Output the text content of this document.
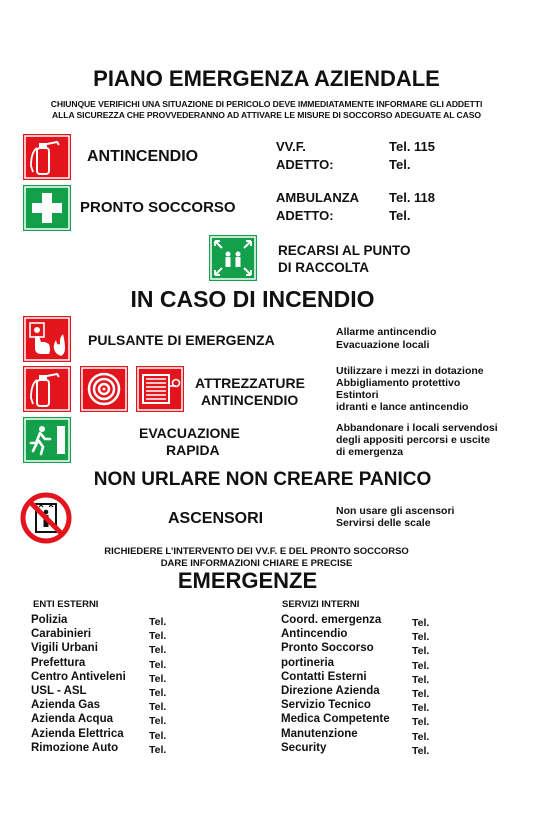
PIANO EMERGENZA AZIENDALE
CHIUNQUE VERIFICHI UNA SITUAZIONE DI PERICOLO DEVE IMMEDIATAMENTE INFORMARE GLI ADDETTI
ALLA SICUREZZA CHE PROVVEDERANNO AD ATTIVARE LE MISURE DI SOCCORSO ADEGUATE AL CASO
ANTINCENDIO
VV.F.	Tel. 115
ADETTO:	Tel.
PRONTO SOCCORSO
AMBULANZA Tel. 118
ADETTO:	Tel.
RECARSI AL PUNTO
DI RACCOLTA
IN CASO DI INCENDIO
PULSANTE DI EMERGENZA	Allarme antincendio
Evacuazione locali
ATTREZZATURE
ANTINCENDIO
Utilizzare i mezzi in dotazione
Abbigliamento protettivo
Estintori
idranti e lance antincendio
EVACUAZIONE
RAPIDA
Abbandonare i locali servendosi
degli appositi percorsi e uscite
di emergenza
NON URLARE NON CREARE PANICO
ASCENSORI	Non usare gli ascensori
Servirsi delle scale
RICHIEDERE L’INTERVENTO DEI VV.F. E DEL PRONTO SOCCORSO
DARE INFORMAZIONI CHIARE E PRECISE
EMERGENZE
ENTI ESTERNI	SERVIZI INTERNI
Polizia	Tel.
Carabinieri	Tel.
Vigili Urbani	Tel.
Prefettura	Tel.
Centro Antiveleni Tel.
USL - ASL	Tel.
Azienda Gas	Tel.
Azienda Acqua	Tel.
Azienda Elettrica Tel.
Rimozione Auto	Tel.
Coord. emergenza	Tel.
Antincendio	Tel.
Pronto Soccorso	Tel.
portineria	Tel.
Contatti Esterni	Tel.
Direzione Azienda	Tel.
Servizio Tecnico	Tel.
Medica Competente Tel.
Manutenzione	Tel.
Security	Tel.
